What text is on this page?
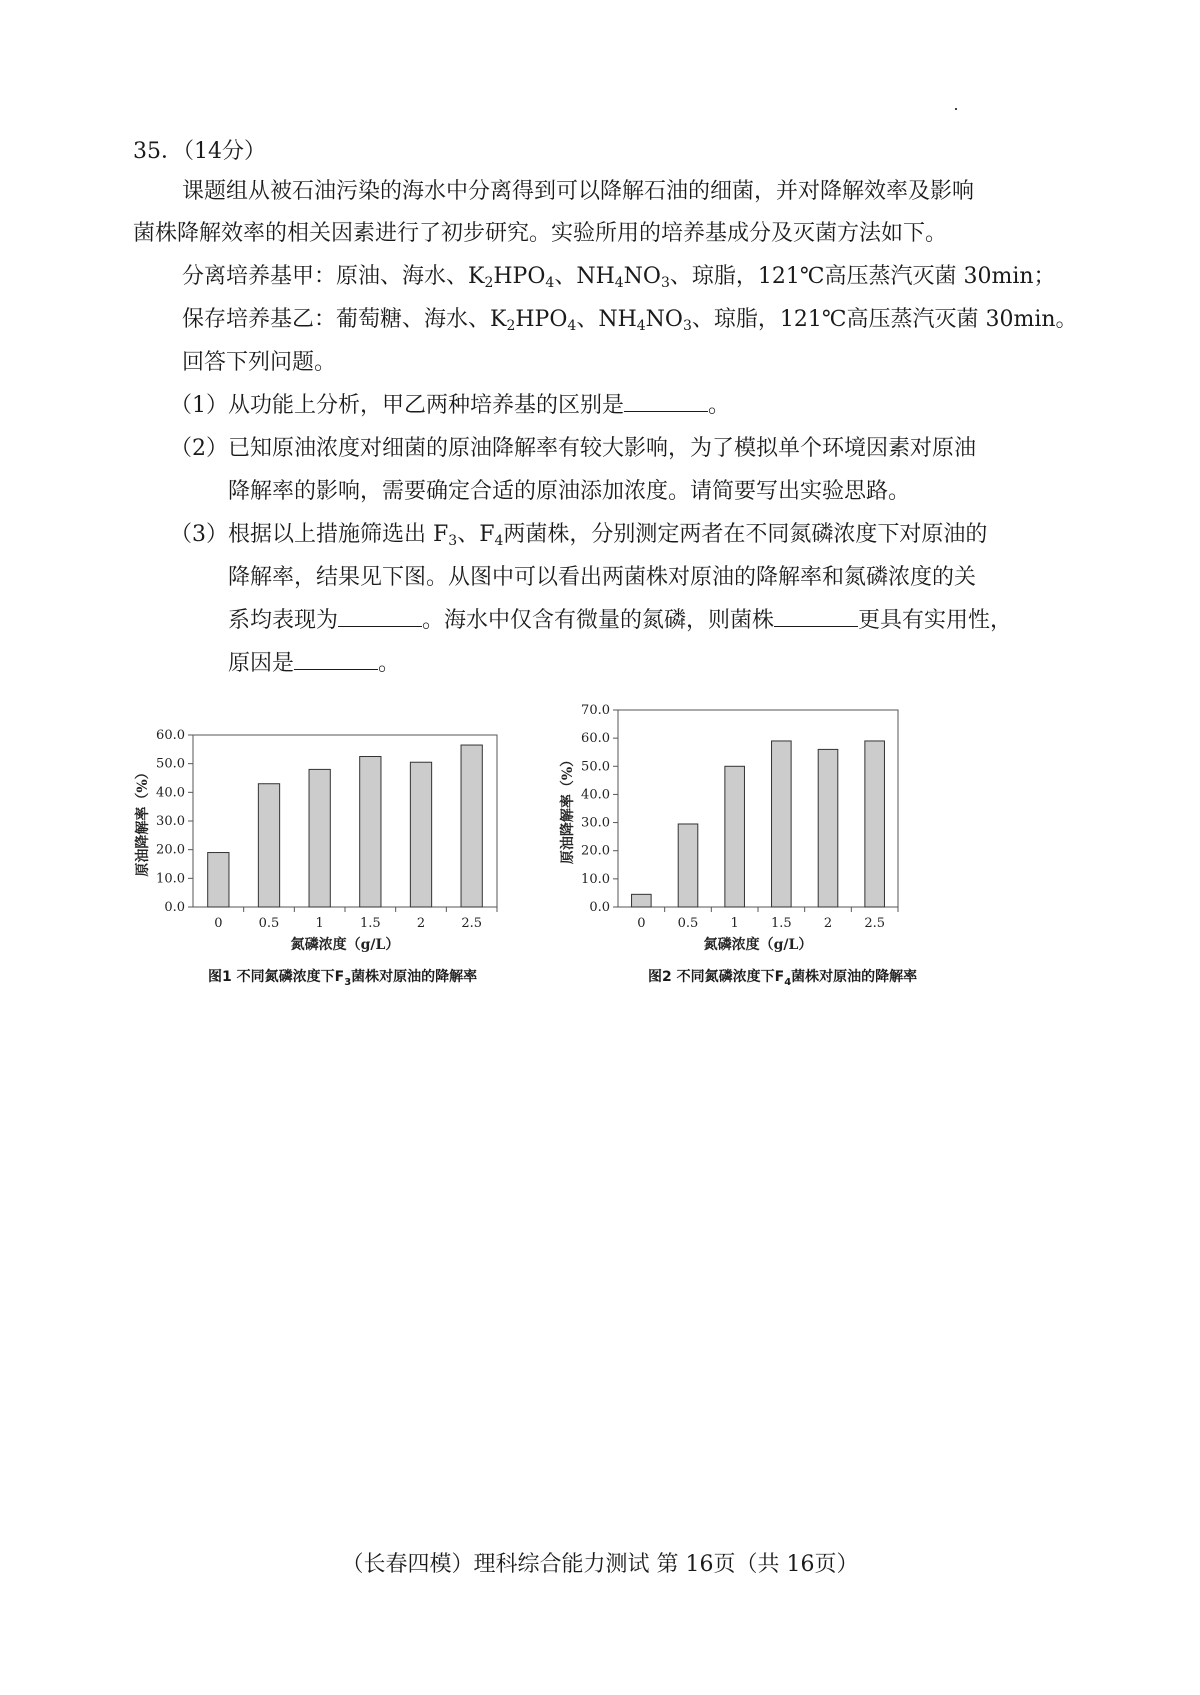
35．（14分）
课题组从被石油污染的海水中分离得到可以降解石油的细菌，并对降解效率及影响
菌株降解效率的相关因素进行了初步研究。实验所用的培养基成分及灭菌方法如下。
分离培养基甲：原油、海水、$K_2HPO_4$、$NH_4NO_3$、琼脂，121℃高压蒸汽灭菌 30min；
保存培养基乙：葡萄糖、海水、$K_2HPO_4$、$NH_4NO_3$、琼脂，121℃高压蒸汽灭菌 30min。
回答下列问题。
（1）从功能上分析，甲乙两种培养基的区别是	。
（2）已知原油浓度对细菌的原油降解率有较大影响，为了模拟单个环境因素对原油
降解率的影响，需要确定合适的原油添加浓度。请简要写出实验思路。
（3）根据以上措施筛选出 $F_3$、$F_4$两菌株，分别测定两者在不同氮磷浓度下对原油的
降解率，结果见下图。从图中可以看出两菌株对原油的降解率和氮磷浓度的关
系均表现为	。海水中仅含有微量的氮磷，则菌株	更具有实用性，
原因是	。
0.0
10.0
20.0
30.0
40.0
50.0
60.0
0	0.5	1	1.5	2	2.5
氮磷浓度（g/L）
原油降解率（%）
图1 不同氮磷浓度下$F_3$菌株对原油的降解率
0.0
10.0
20.0
30.0
40.0
50.0
60.0
70.0
0 0.5 1 1.5 2 2.5
氮磷浓度（g/L）
原油降解率（%）
图2 不同氮磷浓度下$F_4$菌株对原油的降解率
（长春四模）理科综合能力测试 第 16页（共 16页）
